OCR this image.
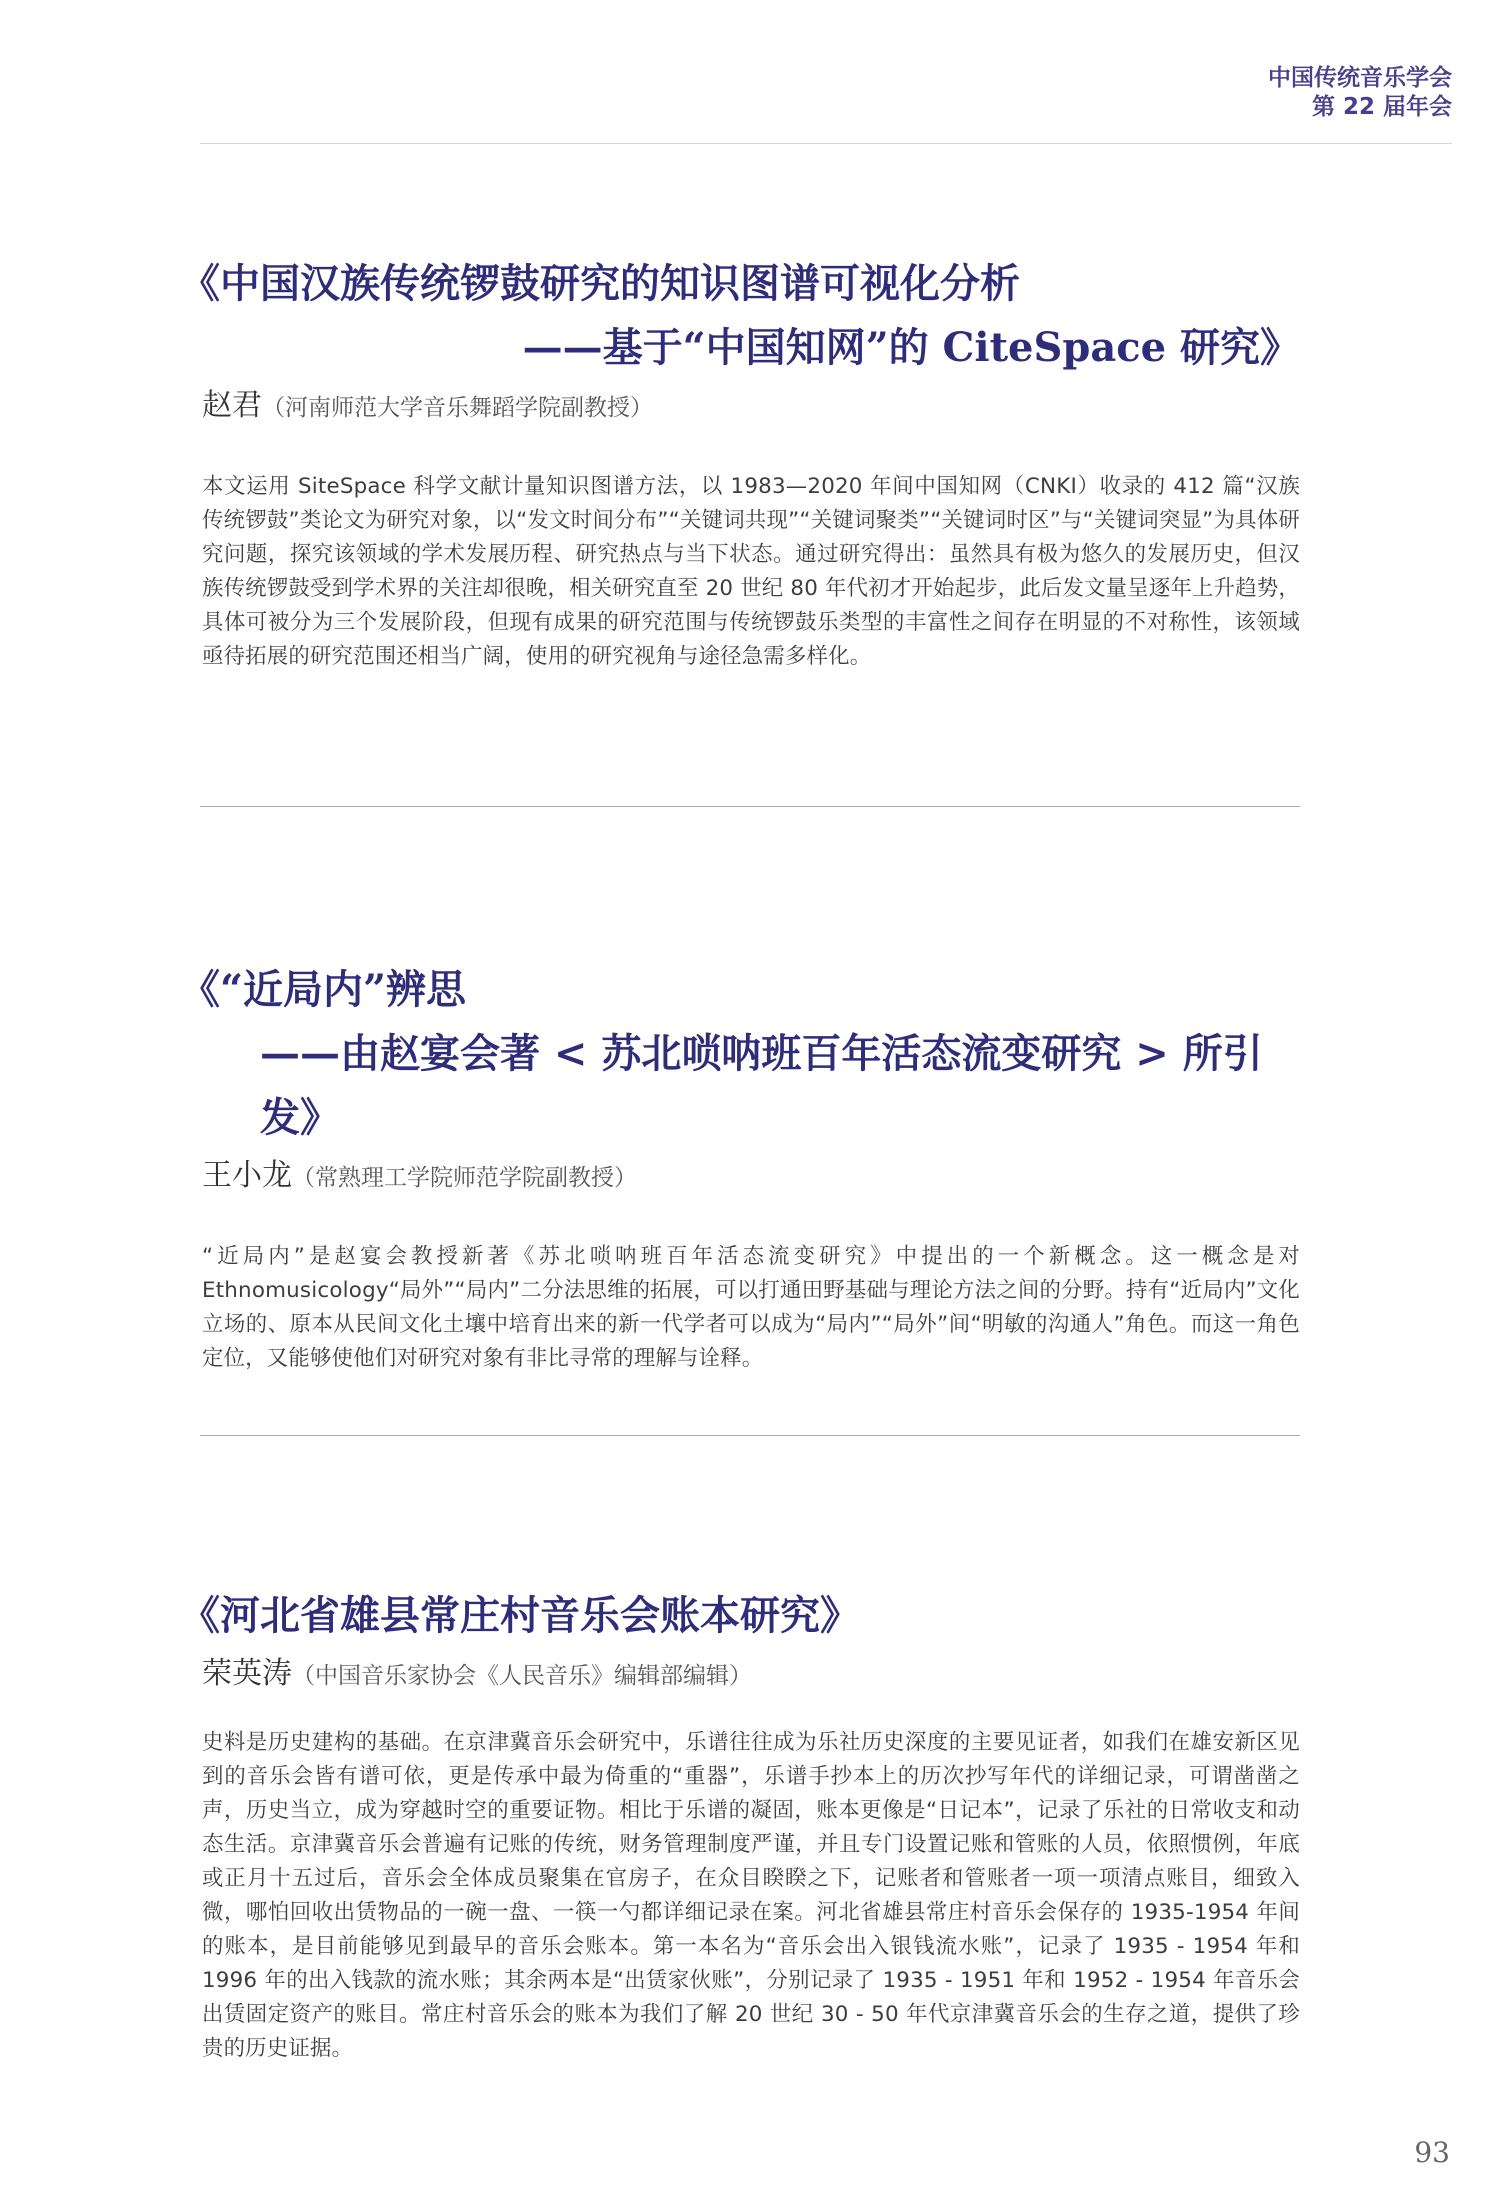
中国传统音乐学会
第 22 届年会
《中国汉族传统锣鼓研究的知识图谱可视化分析
——基于“中国知网”的 CiteSpace 研究》
赵君（河南师范大学音乐舞蹈学院副教授）

本文运用 SiteSpace 科学文献计量知识图谱方法，以 1983—2020 年间中国知网（CNKI）收录的 412 篇“汉族传统锣鼓”类论文为研究对象，以“发文时间分布”“关键词共现”“关键词聚类”“关键词时区”与“关键词突显”为具体研究问题，探究该领域的学术发展历程、研究热点与当下状态。通过研究得出：虽然具有极为悠久的发展历史，但汉族传统锣鼓受到学术界的关注却很晚，相关研究直至 20 世纪 80 年代初才开始起步，此后发文量呈逐年上升趋势，具体可被分为三个发展阶段，但现有成果的研究范围与传统锣鼓乐类型的丰富性之间存在明显的不对称性，该领域亟待拓展的研究范围还相当广阔，使用的研究视角与途径急需多样化。

《“近局内”辨思
——由赵宴会著 < 苏北唢呐班百年活态流变研究 > 所引发》
王小龙（常熟理工学院师范学院副教授）

“近局内”是赵宴会教授新著《苏北唢呐班百年活态流变研究》中提出的一个新概念。这一概念是对 Ethnomusicology“局外”“局内”二分法思维的拓展，可以打通田野基础与理论方法之间的分野。持有“近局内”文化立场的、原本从民间文化土壤中培育出来的新一代学者可以成为“局内”“局外”间“明敏的沟通人”角色。而这一角色定位，又能够使他们对研究对象有非比寻常的理解与诠释。

《河北省雄县常庄村音乐会账本研究》
荣英涛（中国音乐家协会《人民音乐》编辑部编辑）

史料是历史建构的基础。在京津冀音乐会研究中，乐谱往往成为乐社历史深度的主要见证者，如我们在雄安新区见到的音乐会皆有谱可依，更是传承中最为倚重的“重器”，乐谱手抄本上的历次抄写年代的详细记录，可谓凿凿之声，历史当立，成为穿越时空的重要证物。相比于乐谱的凝固，账本更像是“日记本”，记录了乐社的日常收支和动态生活。京津冀音乐会普遍有记账的传统，财务管理制度严谨，并且专门设置记账和管账的人员，依照惯例，年底或正月十五过后，音乐会全体成员聚集在官房子，在众目睽睽之下，记账者和管账者一项一项清点账目，细致入微，哪怕回收出赁物品的一碗一盘、一筷一勺都详细记录在案。河北省雄县常庄村音乐会保存的 1935-1954 年间的账本，是目前能够见到最早的音乐会账本。第一本名为“音乐会出入银钱流水账”，记录了 1935 - 1954 年和 1996 年的出入钱款的流水账；其余两本是“出赁家伙账”，分别记录了 1935 - 1951 年和 1952 - 1954 年音乐会出赁固定资产的账目。常庄村音乐会的账本为我们了解 20 世纪 30 - 50 年代京津冀音乐会的生存之道，提供了珍贵的历史证据。

93
